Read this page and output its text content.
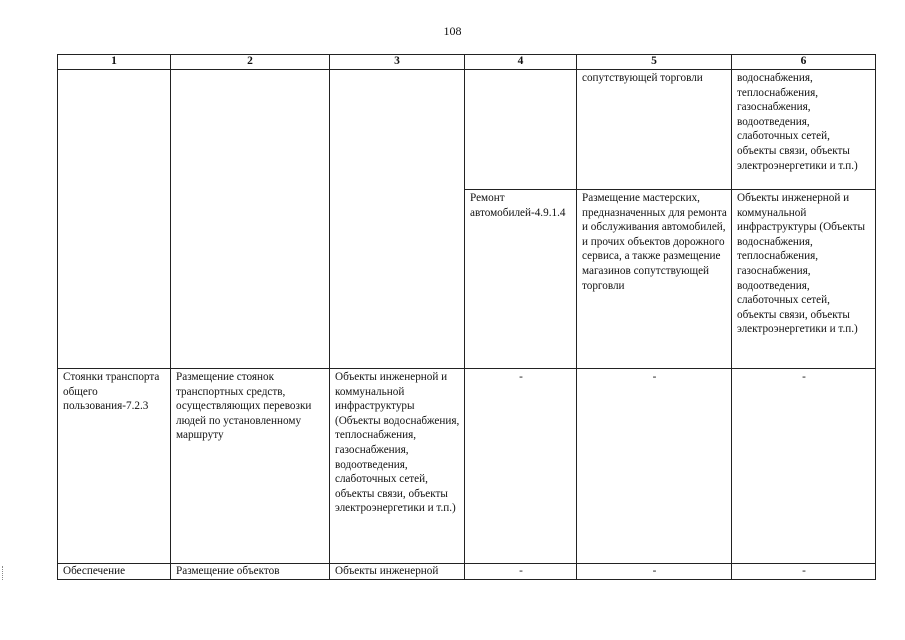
108
1	2	3	4	5	6
				сопутствующей торговли	водоснабжения, теплоснабжения, газоснабжения, водоотведения, слаботочных сетей, объекты связи, объекты электроэнергетики и т.п.)
			Ремонт автомобилей-4.9.1.4	Размещение мастерских, предназначенных для ремонта и обслуживания автомобилей, и прочих объектов дорожного сервиса, а также размещение магазинов сопутствующей торговли	Объекты инженерной и коммунальной инфраструктуры (Объекты водоснабжения, теплоснабжения, газоснабжения, водоотведения, слаботочных сетей, объекты связи, объекты электроэнергетики и т.п.)
Стоянки транспорта общего пользования-7.2.3	Размещение стоянок транспортных средств, осуществляющих перевозки людей по установленному маршруту	Объекты инженерной и коммунальной инфраструктуры (Объекты водоснабжения, теплоснабжения, газоснабжения, водоотведения, слаботочных сетей, объекты связи, объекты электроэнергетики и т.п.)	-	-	-
Обеспечение	Размещение объектов	Объекты инженерной	-	-	-
